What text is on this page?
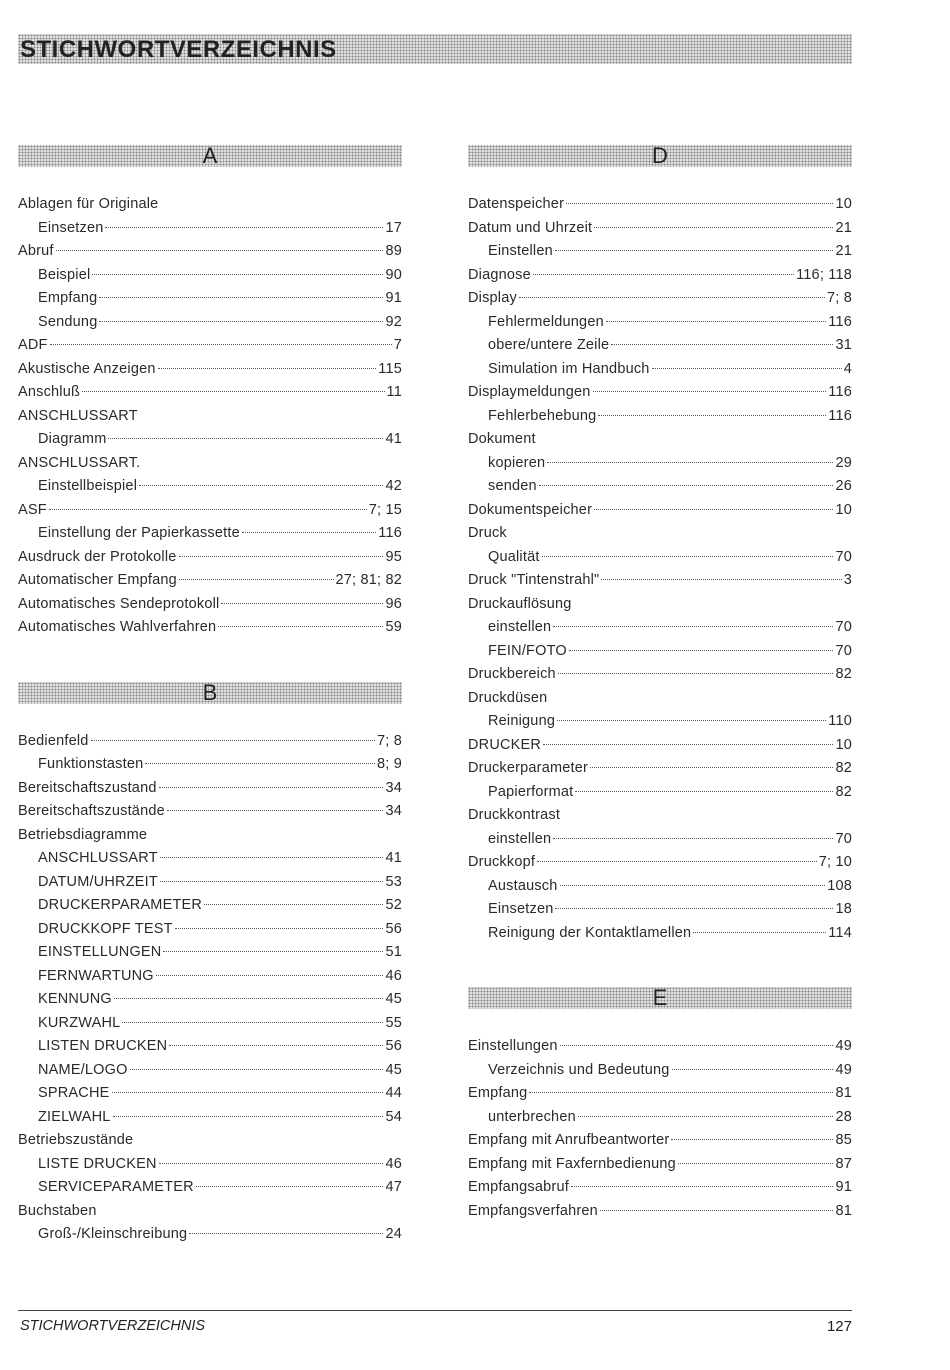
STICHWORTVERZEICHNIS
A
Ablagen für Originale
Einsetzen	17
Abruf	89
Beispiel	90
Empfang	91
Sendung	92
ADF	7
Akustische Anzeigen	115
Anschluß	11
ANSCHLUSSART
Diagramm	41
ANSCHLUSSART.
Einstellbeispiel	42
ASF	7; 15
Einstellung der Papierkassette	116
Ausdruck der Protokolle	95
Automatischer Empfang	27; 81; 82
Automatisches Sendeprotokoll	96
Automatisches Wahlverfahren	59
B
Bedienfeld	7; 8
Funktionstasten	8; 9
Bereitschaftszustand	34
Bereitschaftszustände	34
Betriebsdiagramme
ANSCHLUSSART	41
DATUM/UHRZEIT	53
DRUCKERPARAMETER	52
DRUCKKOPF TEST	56
EINSTELLUNGEN	51
FERNWARTUNG	46
KENNUNG	45
KURZWAHL	55
LISTEN DRUCKEN	56
NAME/LOGO	45
SPRACHE	44
ZIELWAHL	54
Betriebszustände
LISTE DRUCKEN	46
SERVICEPARAMETER	47
Buchstaben
Groß-/Kleinschreibung	24
D
Datenspeicher	10
Datum und Uhrzeit	21
Einstellen	21
Diagnose	116; 118
Display	7; 8
Fehlermeldungen	116
obere/untere Zeile	31
Simulation im Handbuch	4
Displaymeldungen	116
Fehlerbehebung	116
Dokument
kopieren	29
senden	26
Dokumentspeicher	10
Druck
Qualität	70
Druck "Tintenstrahl"	3
Druckauflösung
einstellen	70
FEIN/FOTO	70
Druckbereich	82
Druckdüsen
Reinigung	110
DRUCKER	10
Druckerparameter	82
Papierformat	82
Druckkontrast
einstellen	70
Druckkopf	7; 10
Austausch	108
Einsetzen	18
Reinigung der Kontaktlamellen	114
E
Einstellungen	49
Verzeichnis und Bedeutung	49
Empfang	81
unterbrechen	28
Empfang mit Anrufbeantworter	85
Empfang mit Faxfernbedienung	87
Empfangsabruf	91
Empfangsverfahren	81
STICHWORTVERZEICHNIS	127
